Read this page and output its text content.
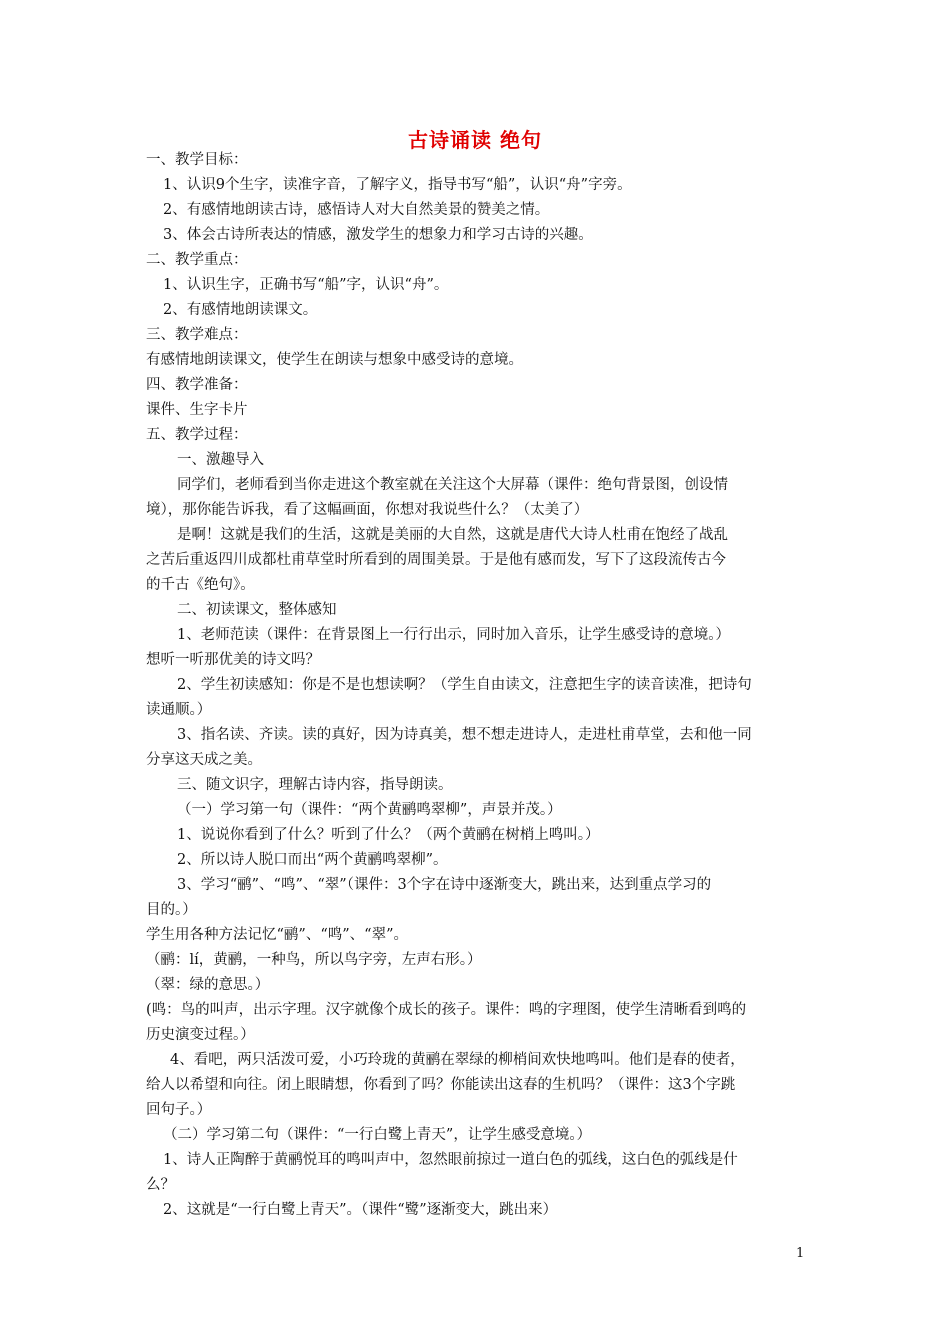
古诗诵读 绝句
一、教学目标：
1、认识9个生字，读准字音，了解字义，指导书写“船”，认识“舟”字旁。
2、有感情地朗读古诗，感悟诗人对大自然美景的赞美之情。
3、体会古诗所表达的情感，激发学生的想象力和学习古诗的兴趣。
二、教学重点：
1、认识生字，正确书写“船”字，认识“舟”。
2、有感情地朗读课文。
三、教学难点：
有感情地朗读课文，使学生在朗读与想象中感受诗的意境。
四、教学准备：
课件、生字卡片
五、教学过程：
一、激趣导入
同学们，老师看到当你走进这个教室就在关注这个大屏幕（课件：绝句背景图，创设情
境），那你能告诉我，看了这幅画面，你想对我说些什么？（太美了）
是啊！这就是我们的生活，这就是美丽的大自然，这就是唐代大诗人杜甫在饱经了战乱
之苦后重返四川成都杜甫草堂时所看到的周围美景。于是他有感而发，写下了这段流传古今
的千古《绝句》。
二、初读课文，整体感知
1、老师范读（课件：在背景图上一行行出示，同时加入音乐，让学生感受诗的意境。）
想听一听那优美的诗文吗？
2、学生初读感知：你是不是也想读啊？（学生自由读文，注意把生字的读音读准，把诗句
读通顺。）
3、指名读、齐读。读的真好，因为诗真美，想不想走进诗人，走进杜甫草堂，去和他一同
分享这天成之美。
三、随文识字，理解古诗内容，指导朗读。
（一）学习第一句（课件：“两个黄鹂鸣翠柳”，声景并茂。）
1、说说你看到了什么？听到了什么？（两个黄鹂在树梢上鸣叫。）
2、所以诗人脱口而出“两个黄鹂鸣翠柳”。
3、学习“鹂”、“鸣”、“翠”（课件：3个字在诗中逐渐变大，跳出来，达到重点学习的
目的。）
学生用各种方法记忆“鹂”、“鸣”、“翠”。
（鹂：lí，黄鹂，一种鸟，所以鸟字旁，左声右形。）
（翠：绿的意思。）
(鸣：鸟的叫声，出示字理。汉字就像个成长的孩子。课件：鸣的字理图，使学生清晰看到鸣的
历史演变过程。）
4、看吧，两只活泼可爱，小巧玲珑的黄鹂在翠绿的柳梢间欢快地鸣叫。他们是春的使者，
给人以希望和向往。闭上眼睛想，你看到了吗？你能读出这春的生机吗？（课件：这3个字跳
回句子。）
（二）学习第二句（课件：“一行白鹭上青天”，让学生感受意境。）
1、诗人正陶醉于黄鹂悦耳的鸣叫声中，忽然眼前掠过一道白色的弧线，这白色的弧线是什
么？
2、这就是“一行白鹭上青天”。（课件“鹭”逐渐变大，跳出来）
1
